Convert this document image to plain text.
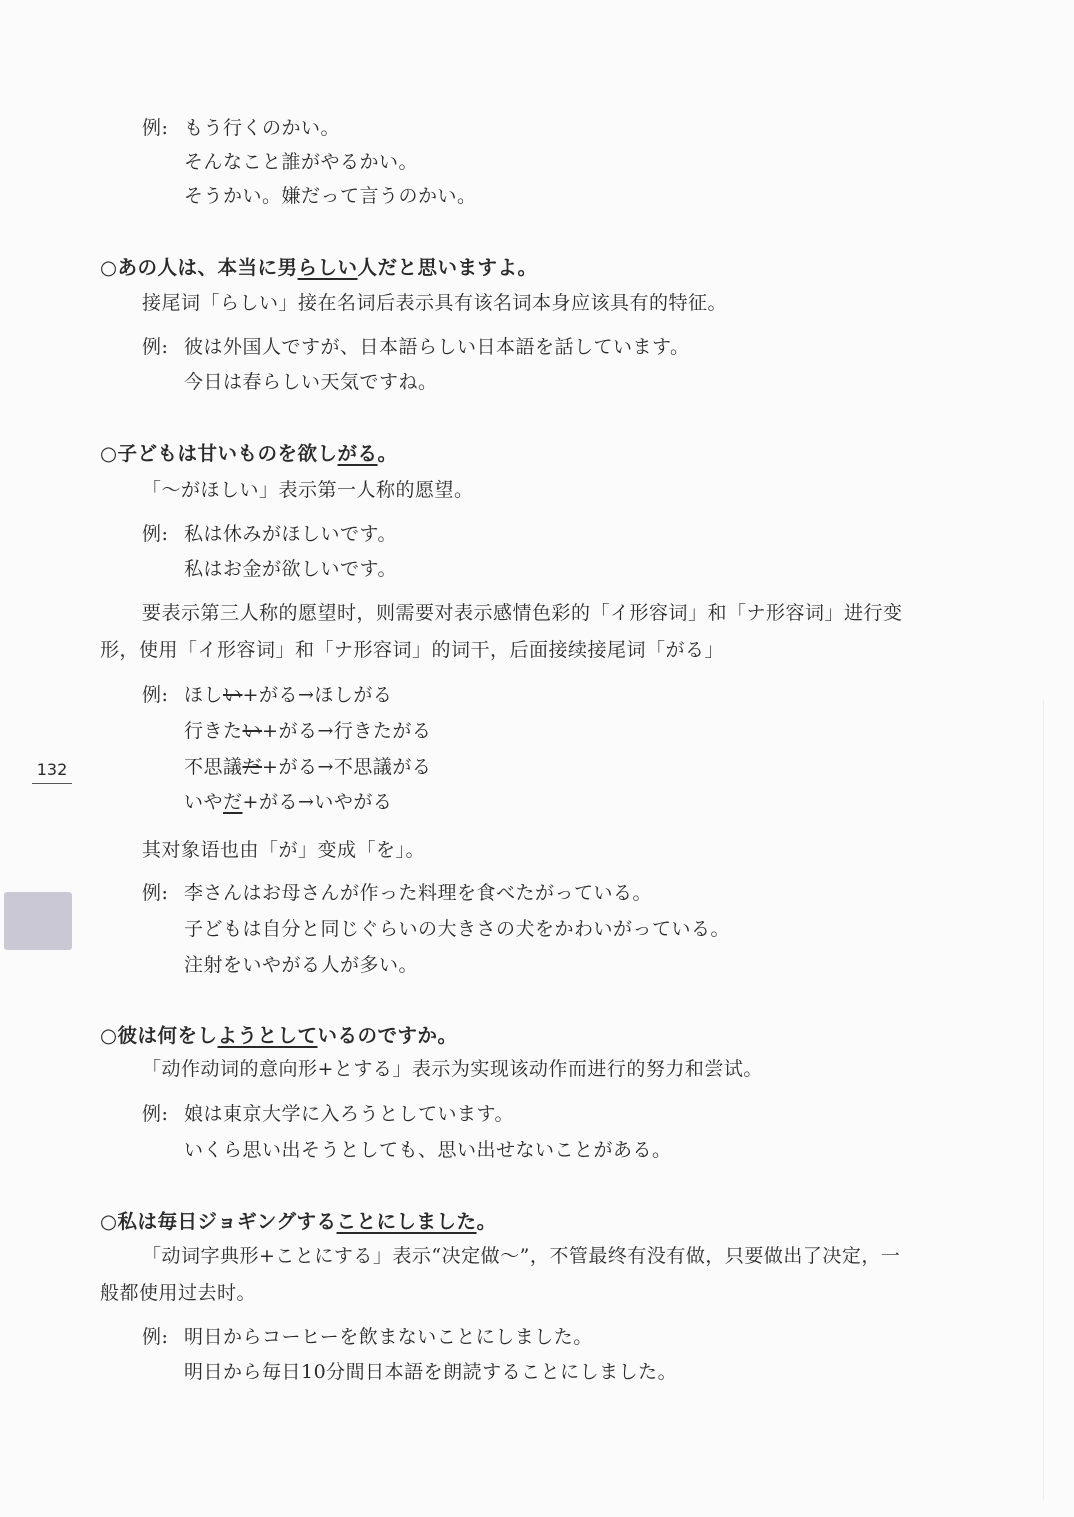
例: もう行くのかい。
そんなこと誰がやるかい。
そうかい。嫌だって言うのかい。
○あの人は、本当に男らしい人だと思いますよ。
接尾词「らしい」接在名词后表示具有该名词本身应该具有的特征。
例: 彼は外国人ですが、日本語らしい日本語を話しています。
今日は春らしい天気ですね。
○子どもは甘いものを欲しがる。
「～がほしい」表示第一人称的愿望。
例: 私は休みがほしいです。
私はお金が欲しいです。
要表示第三人称的愿望时，则需要对表示感情色彩的「イ形容词」和「ナ形容词」进行变
形，使用「イ形容词」和「ナ形容词」的词干，后面接续接尾词「がる」
例: ほしい+がる→ほしがる
行きたい+がる→行きたがる
不思議だ+がる→不思議がる
いやだ+がる→いやがる
其对象语也由「が」变成「を」。
例: 李さんはお母さんが作った料理を食べたがっている。
子どもは自分と同じぐらいの大きさの犬をかわいがっている。
注射をいやがる人が多い。
○彼は何をしようとしているのですか。
「动作动词的意向形+とする」表示为实现该动作而进行的努力和尝试。
例: 娘は東京大学に入ろうとしています。
いくら思い出そうとしても、思い出せないことがある。
○私は毎日ジョギングすることにしました。
「动词字典形+ことにする」表示“决定做～”，不管最终有没有做，只要做出了决定，一
般都使用过去时。
例: 明日からコーヒーを飲まないことにしました。
明日から毎日10分間日本語を朗読することにしました。
132
